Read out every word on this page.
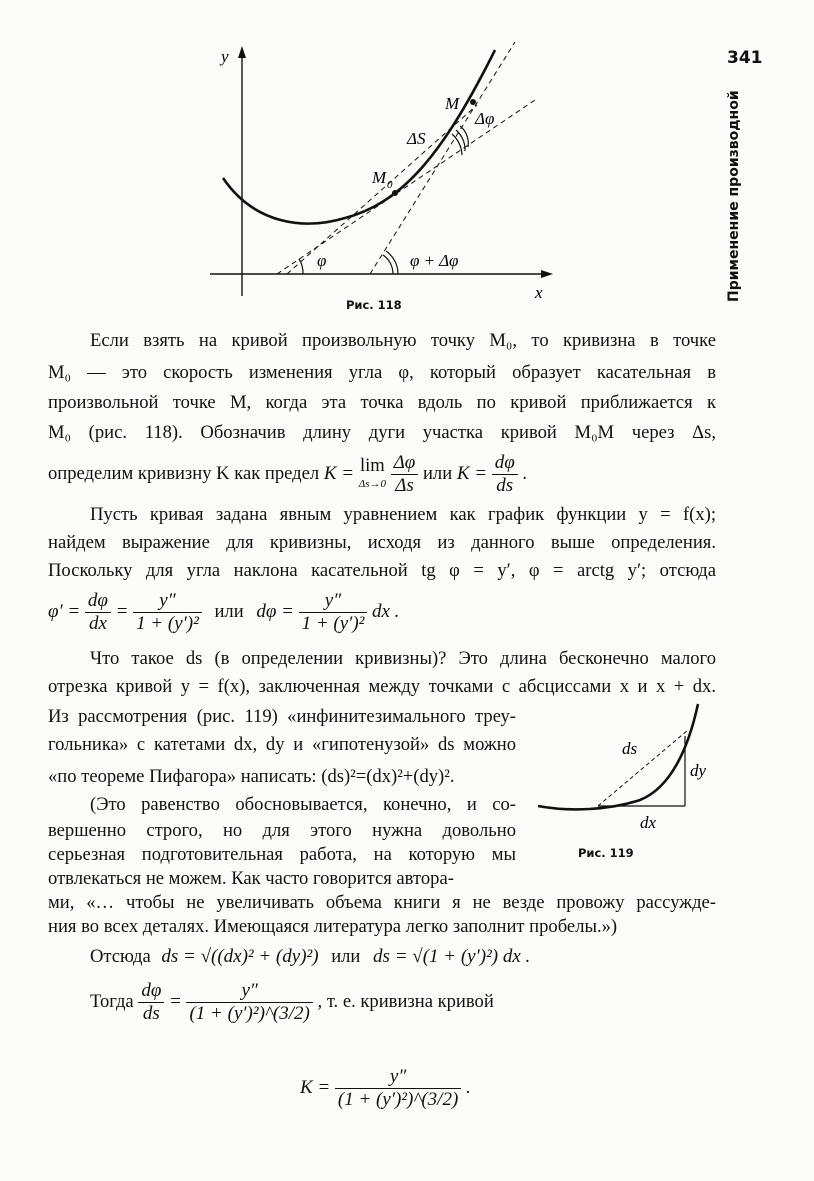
341
Применение производной
y
x
M
ΔS
Δφ
M 0
φ	φ + Δφ
Рис. 118
Если взять на кривой произвольную точку M₀, то кривизна в точке
M₀ — это скорость изменения угла φ, который образует касательная в
произвольной точке M, когда эта точка вдоль по кривой приближается к
M₀ (рис. 118). Обозначив длину дуги участка кривой M₀M через Δs,
определим кривизну K как предел K = lim
Δs→0
$\frac{\Delta\varphi}{\Delta s}$ или $K = \frac{d\varphi}{ds}$ .
Пусть кривая задана явным уравнением как график функции y = f(x);
найдем выражение для кривизны, исходя из данного выше определения.
Поскольку для угла наклона касательной tg φ = y′, φ = arctg y′; отсюда
$\varphi' = \frac{d\varphi}{dx} = \frac{y''}{\text{1 + (y′)²}}$ или $d\varphi = \frac{y''}{\text{1 + (y′)²}}$ dx .
Что такое ds (в определении кривизны)? Это длина бесконечно малого
отрезка кривой y = f(x), заключенная между точками с абсциссами x и x + dx.
Из рассмотрения (рис. 119) «инфинитезимального треу-
гольника» с катетами dx, dy и «гипотенузой» ds можно
«по теореме Пифагора» написать: (ds)²=(dx)²+(dy)².
ds
dy
dx
Рис. 119
(Это равенство обосновывается, конечно, и со-
вершенно строго, но для этого нужна довольно
серьезная подготовительная работа, на которую мы
отвлекаться не можем. Как часто говорится автора-
ми, «… чтобы не увеличивать объема книги я не везде провожу рассужде-
ния во всех деталях. Имеющаяся литература легко заполнит пробелы.»)
Отсюда ds = √((dx)² + (dy)²) или ds = √(1 + (y′)²) dx .
Тогда $\frac{d\varphi}{ds} = \frac{y''}{\text{(1 + (y′)²)\textasciicircum{}(3/2)}}$ , т. е. кривизна кривой
$K = \frac{y''}{\text{(1 + (y′)²)\textasciicircum{}(3/2)}}$ .
